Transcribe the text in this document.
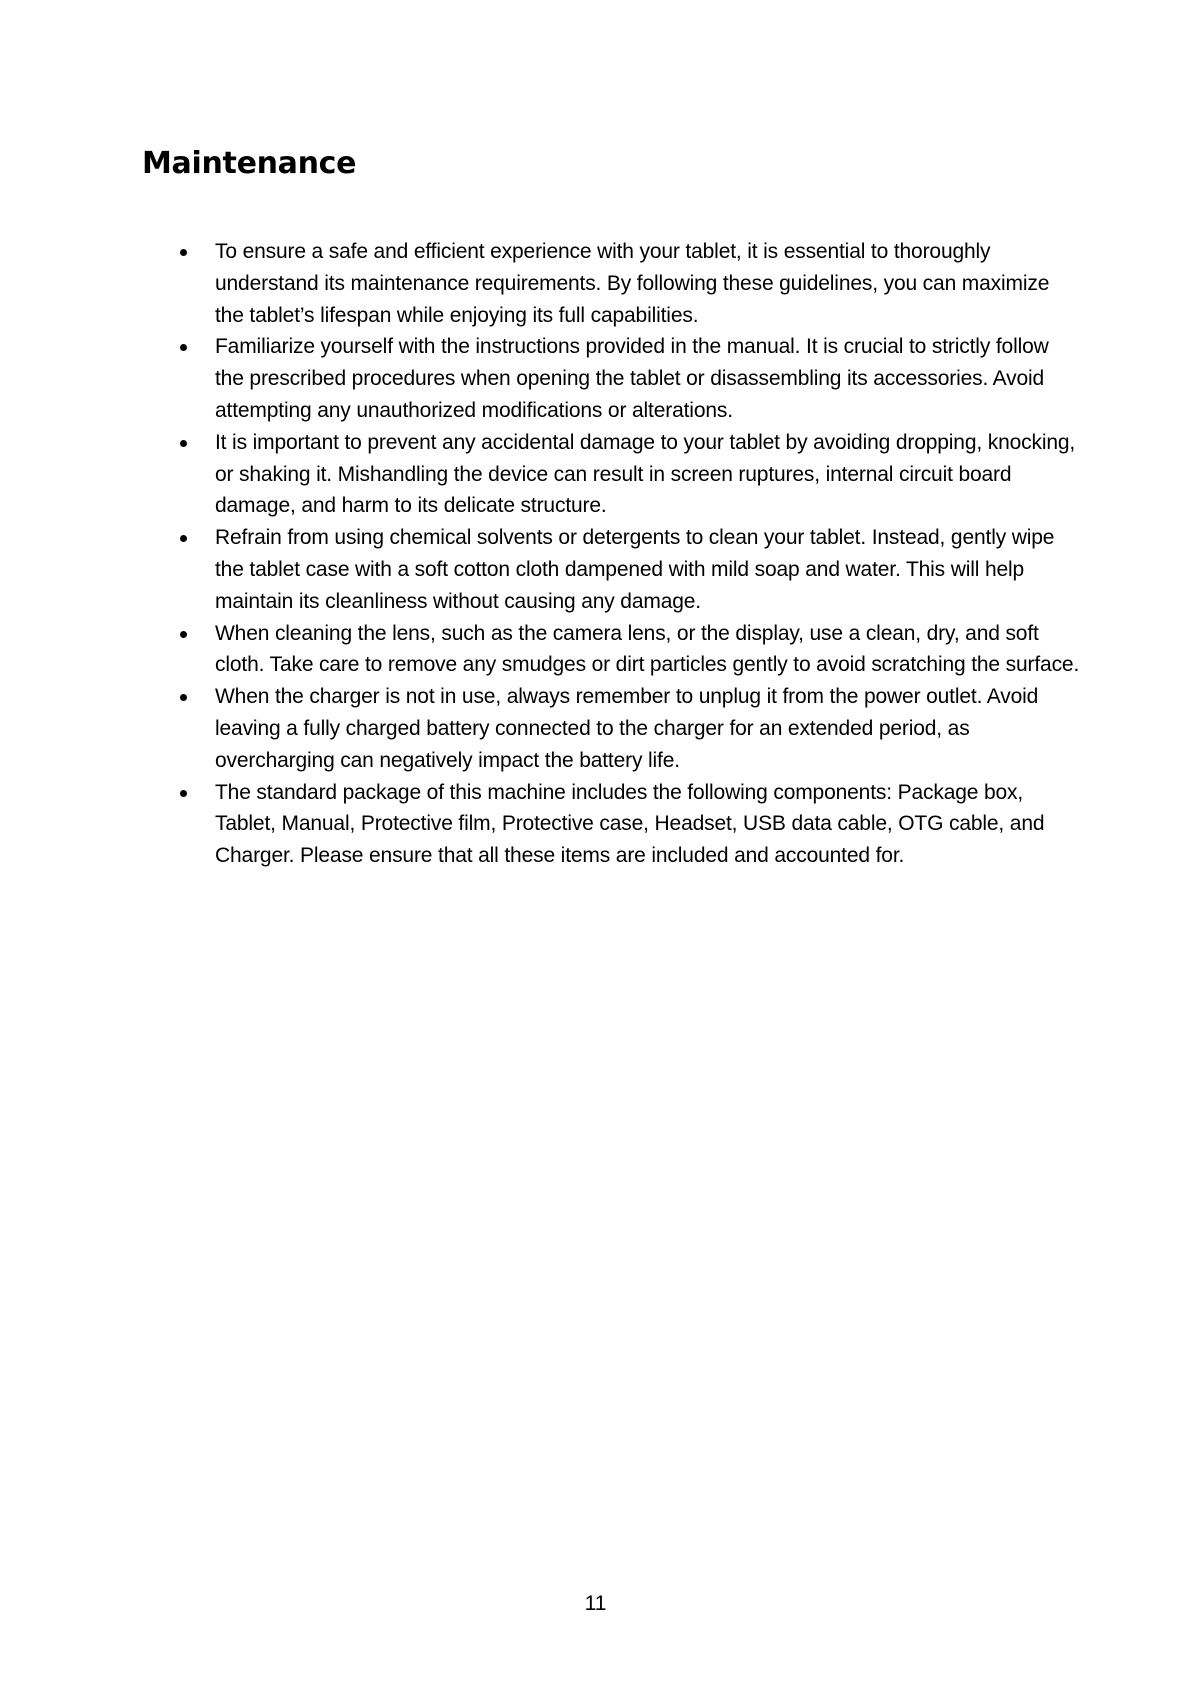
Maintenance
To ensure a safe and efficient experience with your tablet, it is essential to thoroughly understand its maintenance requirements. By following these guidelines, you can maximize the tablet’s lifespan while enjoying its full capabilities.
Familiarize yourself with the instructions provided in the manual. It is crucial to strictly follow the prescribed procedures when opening the tablet or disassembling its accessories. Avoid attempting any unauthorized modifications or alterations.
It is important to prevent any accidental damage to your tablet by avoiding dropping, knocking, or shaking it. Mishandling the device can result in screen ruptures, internal circuit board damage, and harm to its delicate structure.
Refrain from using chemical solvents or detergents to clean your tablet. Instead, gently wipe the tablet case with a soft cotton cloth dampened with mild soap and water. This will help maintain its cleanliness without causing any damage.
When cleaning the lens, such as the camera lens, or the display, use a clean, dry, and soft cloth. Take care to remove any smudges or dirt particles gently to avoid scratching the surface.
When the charger is not in use, always remember to unplug it from the power outlet. Avoid leaving a fully charged battery connected to the charger for an extended period, as overcharging can negatively impact the battery life.
The standard package of this machine includes the following components: Package box, Tablet, Manual, Protective film, Protective case, Headset, USB data cable, OTG cable, and Charger. Please ensure that all these items are included and accounted for.
11
